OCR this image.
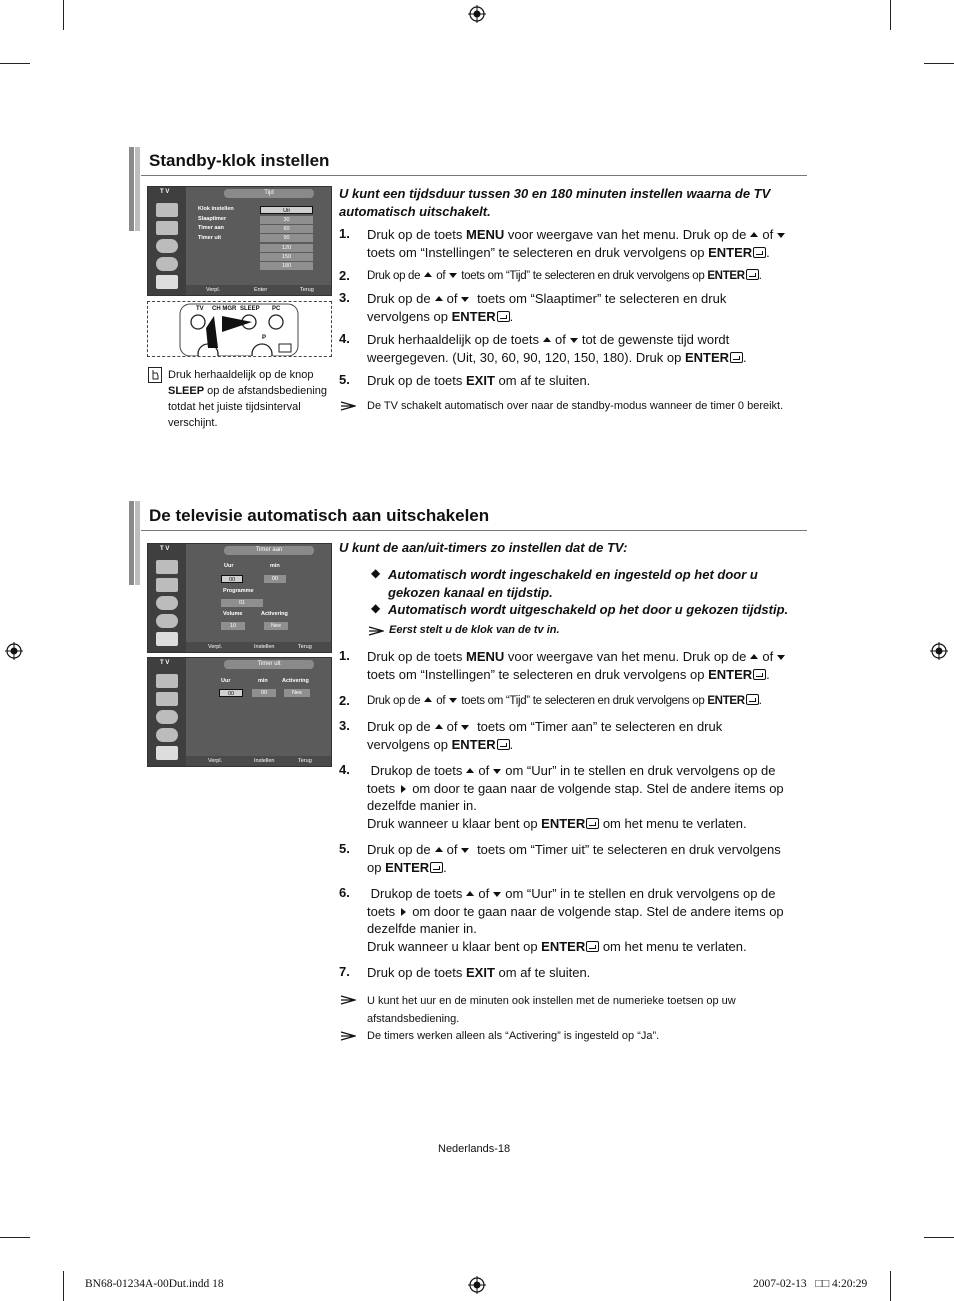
Standby-klok instellen
T V	Tijd
Klok instellen
Slaaptimer
Timer aan
Timer uit
Uit
30
60
90
120
150
180
Verpl.	Enter	Terug
TV CH MGR SLEEP PC
P
Druk herhaaldelijk op de knop SLEEP op de afstandsbediening totdat het juiste tijdsinterval verschijnt.
U kunt een tijdsduur tussen 30 en 180 minuten instellen waarna de TV automatisch uitschakelt.
1. Druk op de toets MENU voor weergave van het menu. Druk op de of
toets om “Instellingen” te selecteren en druk vervolgens op ENTER .
2. Druk op de of toets om “Tijd” te selecteren en druk vervolgens op ENTER .
3. Druk op de of toets om “Slaaptimer” te selecteren en druk vervolgens op ENTER .
4. Druk herhaaldelijk op de toets of tot de gewenste tijd wordt weergegeven. (Uit, 30, 60, 90, 120, 150, 180). Druk op ENTER .
5. Druk op de toets EXIT om af te sluiten.
De TV schakelt automatisch over naar de standby-modus wanneer de timer 0 bereikt.
De televisie automatisch aan uitschakelen
T V	Timer aan
Uur	min
00	00
Programme
01
Volume	Activering
10	Nee
Verpl.	Instellen	Terug
T V	Timer uit
Uur	min	Activering
00	00	Nee
Verpl.	Instellen	Terug
U kunt de aan/uit-timers zo instellen dat de TV:
◆ Automatisch wordt ingeschakeld en ingesteld op het door u gekozen kanaal en tijdstip.
◆ Automatisch wordt uitgeschakeld op het door u gekozen tijdstip.
Eerst stelt u de klok van de tv in.
1. Druk op de toets MENU voor weergave van het menu. Druk op de of
toets om “Instellingen” te selecteren en druk vervolgens op ENTER .
2. Druk op de of toets om “Tijd” te selecteren en druk vervolgens op ENTER .
3. Druk op de of toets om “Timer aan” te selecteren en druk vervolgens op ENTER .
4. Drukop de toets of om “Uur” in te stellen en druk vervolgens op de toets om door te gaan naar de volgende stap. Stel de andere items op dezelfde manier in.
Druk wanneer u klaar bent op ENTER om het menu te verlaten.
5. Druk op de of toets om “Timer uit” te selecteren en druk vervolgens op ENTER .
6. Drukop de toets of om “Uur” in te stellen en druk vervolgens op de toets om door te gaan naar de volgende stap. Stel de andere items op dezelfde manier in.
Druk wanneer u klaar bent op ENTER om het menu te verlaten.
7. Druk op de toets EXIT om af te sluiten.
U kunt het uur en de minuten ook instellen met de numerieke toetsen op uw afstandsbediening.
De timers werken alleen als “Activering” is ingesteld op “Ja”.
Nederlands-18
BN68-01234A-00Dut.indd 18	2007-02-13   □□ 4:20:29
